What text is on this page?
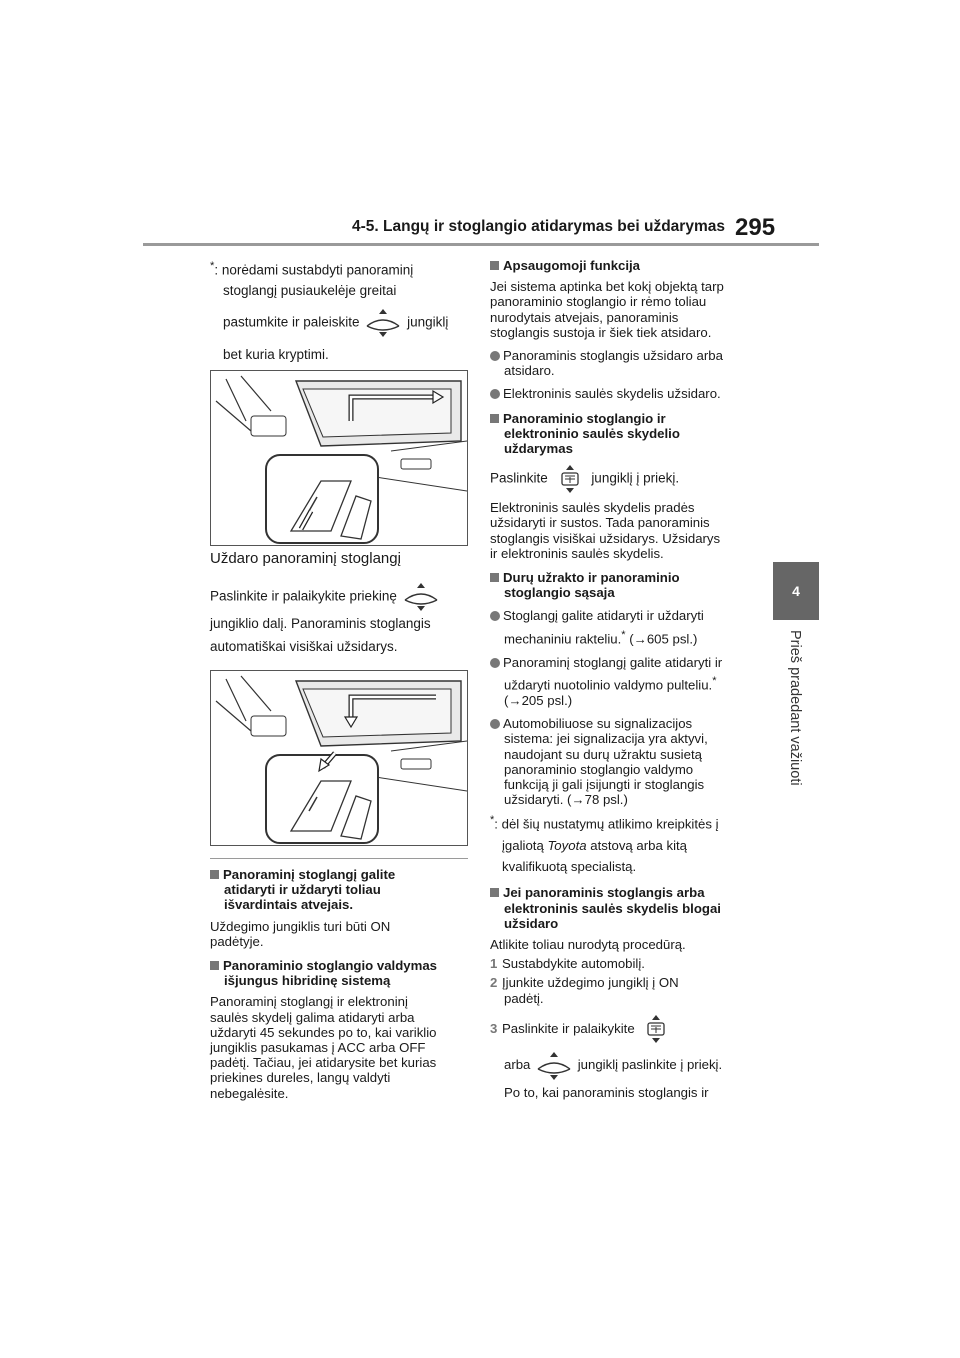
4-5. Langų ir stoglangio atidarymas bei uždarymas 295
4
Prieš pradedant važiuoti

*: norėdami sustabdyti panoraminį

stoglangį pusiaukelėje greitai

pastumkite ir paleiskite	jungiklį

bet kuria kryptimi.

Uždaro panoraminį stoglangį

Paslinkite ir palaikykite priekinę

jungiklio dalį. Panoraminis stoglangis

automatiškai visiškai užsidarys.

Panoraminį stoglangį galite

atidaryti ir uždaryti toliau

išvardintais atvejais.

Uždegimo jungiklis turi būti ON

padėtyje.

Panoraminio stoglangio valdymas

išjungus hibridinę sistemą

Panoraminį stoglangį ir elektroninį

saulės skydelį galima atidaryti arba

uždaryti 45 sekundes po to, kai variklio

jungiklis pasukamas į ACC arba OFF

padėtį. Tačiau, jei atidarysite bet kurias

priekines dureles, langų valdyti

nebegalėsite.

Apsaugomoji funkcija

Jei sistema aptinka bet kokį objektą tarp

panoraminio stoglangio ir rėmo toliau

nurodytais atvejais, panoraminis

stoglangis sustoja ir šiek tiek atsidaro.

Panoraminis stoglangis užsidaro arba

atsidaro.

Elektroninis saulės skydelis užsidaro.

Panoraminio stoglangio ir

elektroninio saulės skydelio

uždarymas

Paslinkite	jungiklį į priekį.

Elektroninis saulės skydelis pradės

užsidaryti ir sustos. Tada panoraminis

stoglangis visiškai užsidarys. Užsidarys

ir elektroninis saulės skydelis.

Durų užrakto ir panoraminio

stoglangio sąsaja

Stoglangį galite atidaryti ir uždaryti

mechaniniu rakteliu.* (→605 psl.)

Panoraminį stoglangį galite atidaryti ir

uždaryti nuotolinio valdymo pulteliu.*

(→205 psl.)

Automobiliuose su signalizacijos

sistema: jei signalizacija yra aktyvi,

naudojant su durų užraktu susietą

panoraminio stoglangio valdymo

funkciją ji gali įsijungti ir stoglangis

užsidaryti. (→78 psl.)

*: dėl šių nustatymų atlikimo kreipkitės į

įgaliotą Toyota atstovą arba kitą

kvalifikuotą specialistą.

Jei panoraminis stoglangis arba

elektroninis saulės skydelis blogai

užsidaro

Atlikite toliau nurodytą procedūrą.

1 Sustabdykite automobilį.

2 Įjunkite uždegimo jungiklį į ON

padėtį.

3 Paslinkite ir palaikykite

arba	jungiklį paslinkite į priekį.

Po to, kai panoraminis stoglangis ir
